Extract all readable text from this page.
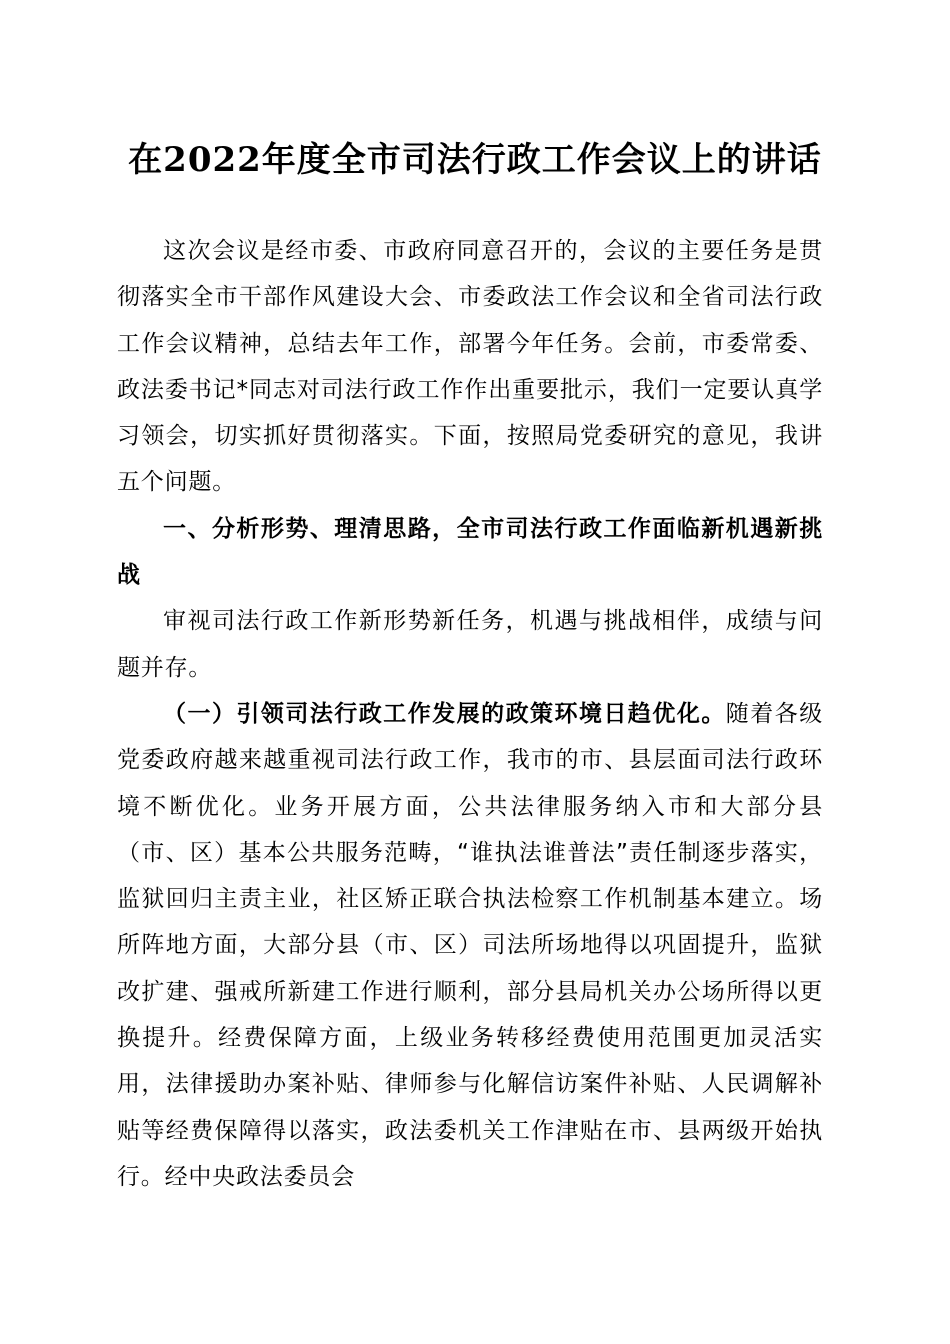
在2022年度全市司法行政工作会议上的讲话

这次会议是经市委、市政府同意召开的，会议的主要任务是贯彻落实全市干部作风建设大会、市委政法工作会议和全省司法行政工作会议精神，总结去年工作，部署今年任务。会前，市委常委、政法委书记*同志对司法行政工作作出重要批示，我们一定要认真学习领会，切实抓好贯彻落实。下面，按照局党委研究的意见，我讲五个问题。

一、分析形势、理清思路，全市司法行政工作面临新机遇新挑战

审视司法行政工作新形势新任务，机遇与挑战相伴，成绩与问题并存。

（一）引领司法行政工作发展的政策环境日趋优化。随着各级党委政府越来越重视司法行政工作，我市的市、县层面司法行政环境不断优化。业务开展方面，公共法律服务纳入市和大部分县（市、区）基本公共服务范畴，“谁执法谁普法”责任制逐步落实，监狱回归主责主业，社区矫正联合执法检察工作机制基本建立。场所阵地方面，大部分县（市、区）司法所场地得以巩固提升，监狱改扩建、强戒所新建工作进行顺利，部分县局机关办公场所得以更换提升。经费保障方面，上级业务转移经费使用范围更加灵活实用，法律援助办案补贴、律师参与化解信访案件补贴、人民调解补贴等经费保障得以落实，政法委机关工作津贴在市、县两级开始执行。经中央政法委员会
